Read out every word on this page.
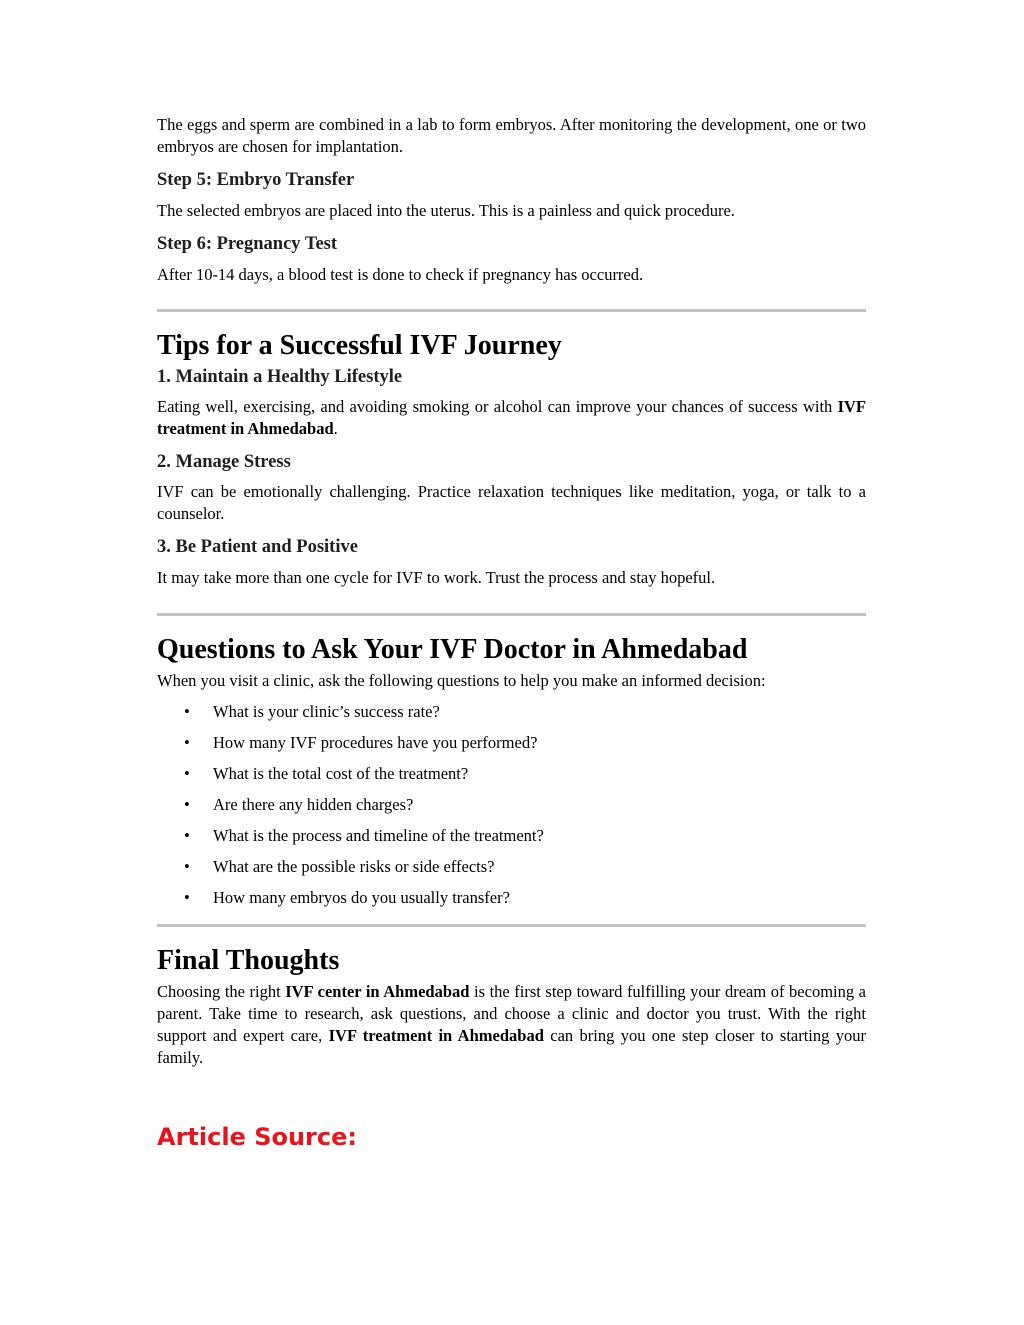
The eggs and sperm are combined in a lab to form embryos. After monitoring the development, one or two embryos are chosen for implantation.

Step 5: Embryo Transfer

The selected embryos are placed into the uterus. This is a painless and quick procedure.

Step 6: Pregnancy Test

After 10-14 days, a blood test is done to check if pregnancy has occurred.

Tips for a Successful IVF Journey
1. Maintain a Healthy Lifestyle

Eating well, exercising, and avoiding smoking or alcohol can improve your chances of success with IVF treatment in Ahmedabad.

2. Manage Stress

IVF can be emotionally challenging. Practice relaxation techniques like meditation, yoga, or talk to a counselor.

3. Be Patient and Positive

It may take more than one cycle for IVF to work. Trust the process and stay hopeful.

Questions to Ask Your IVF Doctor in Ahmedabad

When you visit a clinic, ask the following questions to help you make an informed decision:

• What is your clinic’s success rate?
• How many IVF procedures have you performed?
• What is the total cost of the treatment?
• Are there any hidden charges?
• What is the process and timeline of the treatment?
• What are the possible risks or side effects?
• How many embryos do you usually transfer?
Final Thoughts

Choosing the right IVF center in Ahmedabad is the first step toward fulfilling your dream of becoming a parent. Take time to research, ask questions, and choose a clinic and doctor you trust. With the right support and expert care, IVF treatment in Ahmedabad can bring you one step closer to starting your family.

Article Source:
